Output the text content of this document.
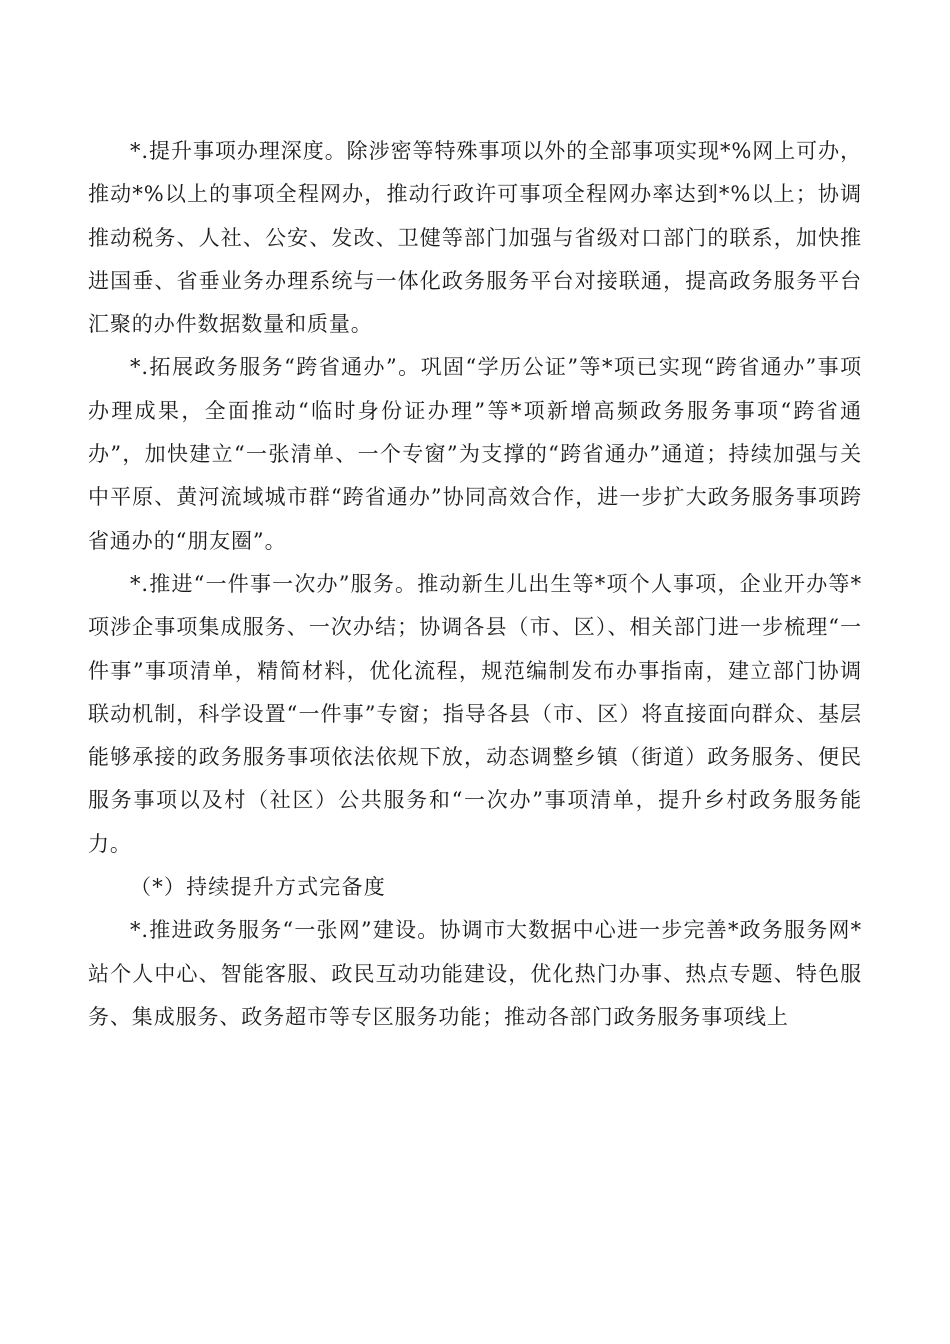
*.提升事项办理深度。除涉密等特殊事项以外的全部事项实现*%网上可办，推动*%以上的事项全程网办，推动行政许可事项全程网办率达到*%以上；协调推动税务、人社、公安、发改、卫健等部门加强与省级对口部门的联系，加快推进国垂、省垂业务办理系统与一体化政务服务平台对接联通，提高政务服务平台汇聚的办件数据数量和质量。

*.拓展政务服务“跨省通办”。巩固“学历公证”等*项已实现“跨省通办”事项办理成果，全面推动“临时身份证办理”等*项新增高频政务服务事项“跨省通办”，加快建立“一张清单、一个专窗”为支撑的“跨省通办”通道；持续加强与关中平原、黄河流域城市群“跨省通办”协同高效合作，进一步扩大政务服务事项跨省通办的“朋友圈”。

*.推进“一件事一次办”服务。推动新生儿出生等*项个人事项，企业开办等*项涉企事项集成服务、一次办结；协调各县（市、区）、相关部门进一步梳理“一件事”事项清单，精简材料，优化流程，规范编制发布办事指南，建立部门协调联动机制，科学设置“一件事”专窗；指导各县（市、区）将直接面向群众、基层能够承接的政务服务事项依法依规下放，动态调整乡镇（街道）政务服务、便民服务事项以及村（社区）公共服务和“一次办”事项清单，提升乡村政务服务能力。

（*）持续提升方式完备度

*.推进政务服务“一张网”建设。协调市大数据中心进一步完善*政务服务网*站个人中心、智能客服、政民互动功能建设，优化热门办事、热点专题、特色服务、集成服务、政务超市等专区服务功能；推动各部门政务服务事项线上
